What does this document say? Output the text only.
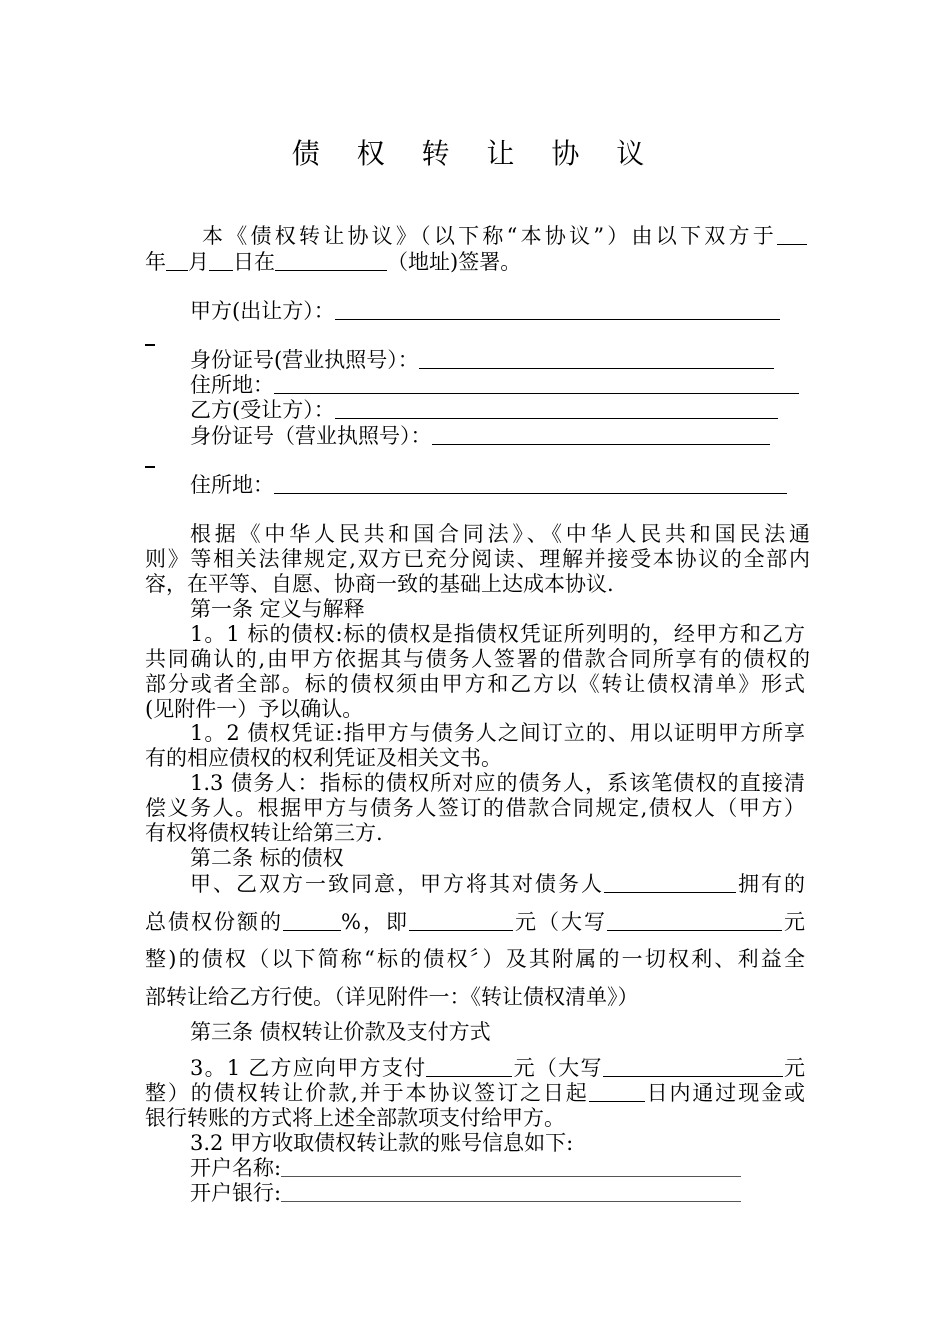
债 权 转 让 协 议
本《债权转让协议》（以下称“本协议”）由以下双方于
年 月 日在	（地址)签署。
甲方(出让方）：
身份证号(营业执照号）：
住所地：
乙方(受让方）：
身份证号（营业执照号）：
住所地：
根据《中华人民共和国合同法》、《中华人民共和国民法通
则》等相关法律规定,双方已充分阅读、理解并接受本协议的全部内
容，在平等、自愿、协商一致的基础上达成本协议.
第一条 定义与解释
1。1 标的债权:标的债权是指债权凭证所列明的，经甲方和乙方
共同确认的,由甲方依据其与债务人签署的借款合同所享有的债权的
部分或者全部。标的债权须由甲方和乙方以《转让债权清单》形式
(见附件一）予以确认。
1。2 债权凭证:指甲方与债务人之间订立的、用以证明甲方所享
有的相应债权的权利凭证及相关文书。
1.3 债务人：指标的债权所对应的债务人，系该笔债权的直接清
偿义务人。根据甲方与债务人签订的借款合同规定,债权人（甲方）
有权将债权转让给第三方.
第二条 标的债权
甲、乙双方一致同意，甲方将其对债务人	拥有的
总债权份额的	%，即	元（大写	元
整)的债权（以下简称“标的债权〞）及其附属的一切权利、利益全
部转让给乙方行使。（详见附件一：《转让债权清单》）
第三条 债权转让价款及支付方式
3。1 乙方应向甲方支付	元（大写	元
整）的债权转让价款,并于本协议签订之日起	日内通过现金或
银行转账的方式将上述全部款项支付给甲方。
3.2 甲方收取债权转让款的账号信息如下:
开户名称:
开户银行:
